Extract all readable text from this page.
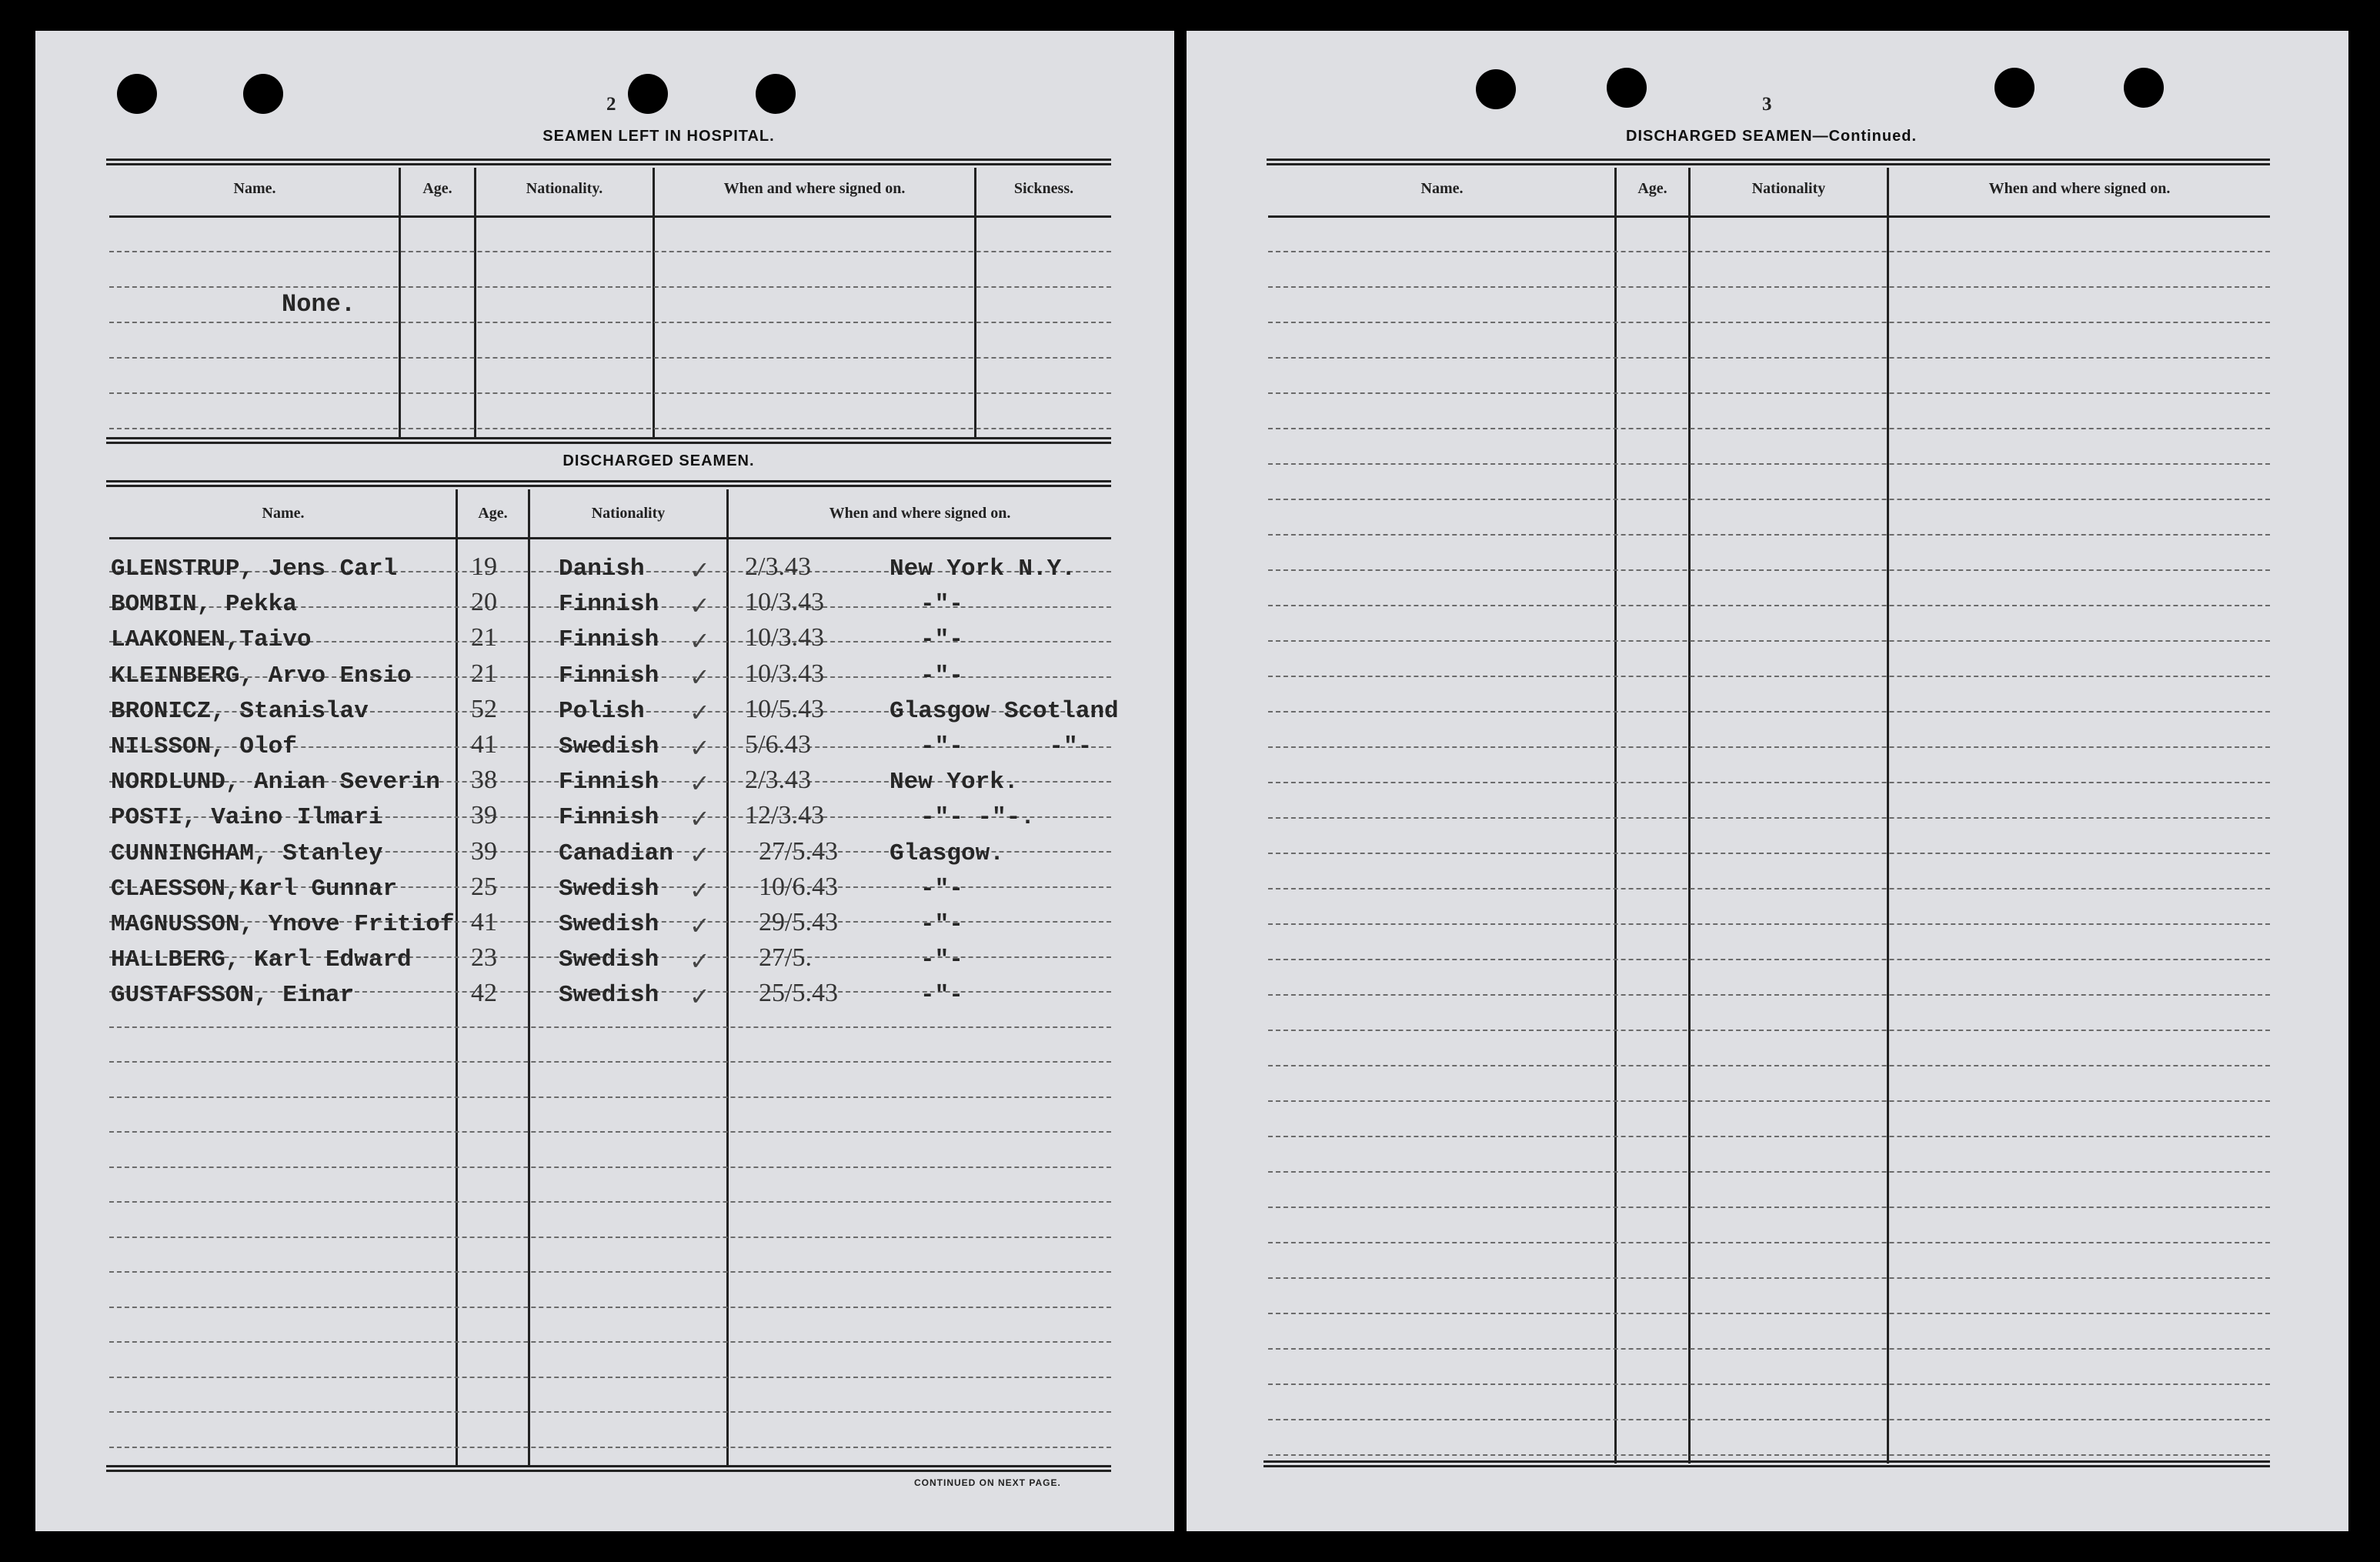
2
SEAMEN LEFT IN HOSPITAL.
Name.	Age.	Nationality.	When and where signed on.	Sickness.
None.
DISCHARGED SEAMEN.
Name.	Age.	Nationality	When and where signed on.
GLENSTRUP, Jens Carl	19	Danish	2/3.43	New York N.Y.
✓
BOMBIN, Pekka	20	Finnish	10/3.43	-"-
✓
LAAKONEN,Taivo	21	Finnish	10/3.43	-"-
✓
KLEINBERG, Arvo Ensio 21	Finnish	10/3.43	-"-
✓
BRONICZ, Stanislav	52	Polish	10/5.43	Glasgow Scotland
✓
NILSSON, Olof	41	Swedish	5/6.43	-"-      -"-
✓
NORDLUND, Anian Severin 38	Finnish	2/3.43	New York.
✓
POSTI, Vaino Ilmari	39	Finnish	12/3.43	-"- -"-.
✓
CUNNINGHAM, Stanley	39	Canadian	27/5.43 Glasgow.
✓
CLAESSON,Karl Gunnar	25	Swedish	10/6.43	-"-
✓
MAGNUSSON, Ynove Fritiof 41	Swedish	29/5.43	-"-
✓
HALLBERG, Karl Edward 23	Swedish	27/5.	-"-
✓
GUSTAFSSON, Einar	42	Swedish	25/5.43	-"-
✓
CONTINUED ON NEXT PAGE.
3
DISCHARGED SEAMEN—Continued.
Name.	Age.	Nationality	When and where signed on.
